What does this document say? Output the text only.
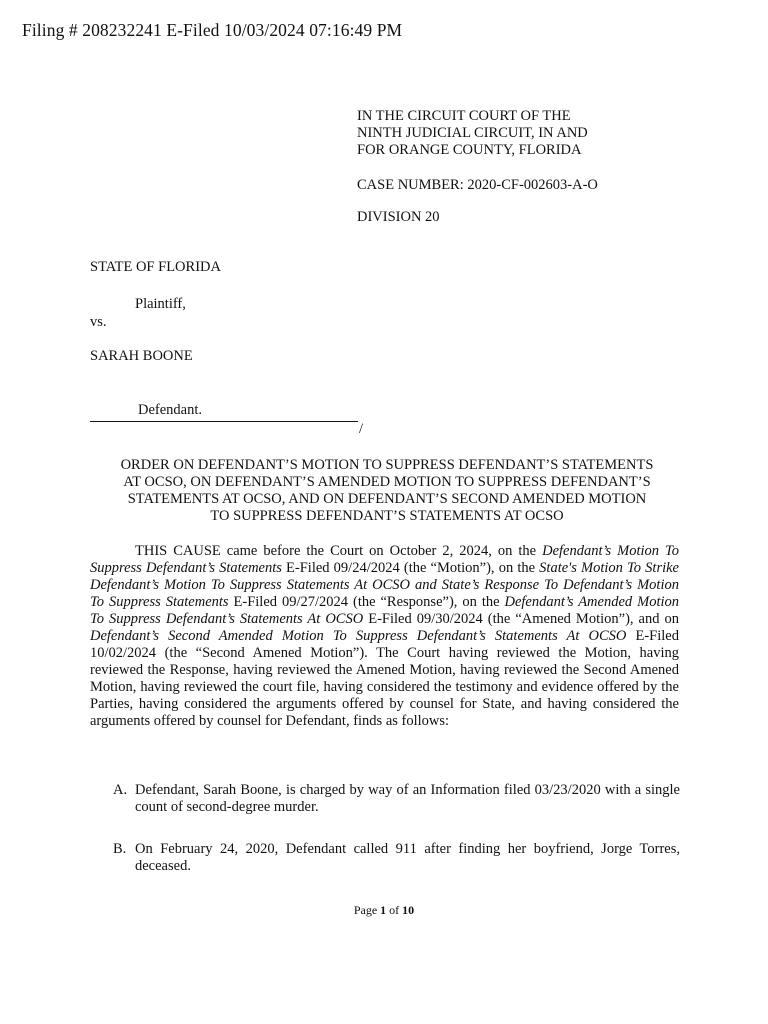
Filing # 208232241 E-Filed 10/03/2024 07:16:49 PM
IN THE CIRCUIT COURT OF THE
NINTH JUDICIAL CIRCUIT, IN AND
FOR ORANGE COUNTY, FLORIDA
CASE NUMBER: 2020-CF-002603-A-O
DIVISION 20
STATE OF FLORIDA
Plaintiff,
vs.
SARAH BOONE
Defendant.
/
ORDER ON DEFENDANT’S MOTION TO SUPPRESS DEFENDANT’S STATEMENTS
AT OCSO, ON DEFENDANT’S AMENDED MOTION TO SUPPRESS DEFENDANT’S
STATEMENTS AT OCSO, AND ON DEFENDANT’S SECOND AMENDED MOTION
TO SUPPRESS DEFENDANT’S STATEMENTS AT OCSO
THIS CAUSE came before the Court on October 2, 2024, on the Defendant’s Motion To Suppress Defendant’s Statements E-Filed 09/24/2024 (the “Motion”), on the State's Motion To Strike Defendant’s Motion To Suppress Statements At OCSO and State’s Response To Defendant’s Motion To Suppress Statements E-Filed 09/27/2024 (the “Response”), on the Defendant’s Amended Motion To Suppress Defendant’s Statements At OCSO E-Filed 09/30/2024 (the “Amened Motion”), and on Defendant’s Second Amended Motion To Suppress Defendant’s Statements At OCSO E-Filed 10/02/2024 (the “Second Amened Motion”). The Court having reviewed the Motion, having reviewed the Response, having reviewed the Amened Motion, having reviewed the Second Amened Motion, having reviewed the court file, having considered the testimony and evidence offered by the Parties, having considered the arguments offered by counsel for State, and having considered the arguments offered by counsel for Defendant, finds as follows:
A. Defendant, Sarah Boone, is charged by way of an Information filed 03/23/2020 with a single count of second-degree murder.
B. On February 24, 2020, Defendant called 911 after finding her boyfriend, Jorge Torres, deceased.
Page 1 of 10
